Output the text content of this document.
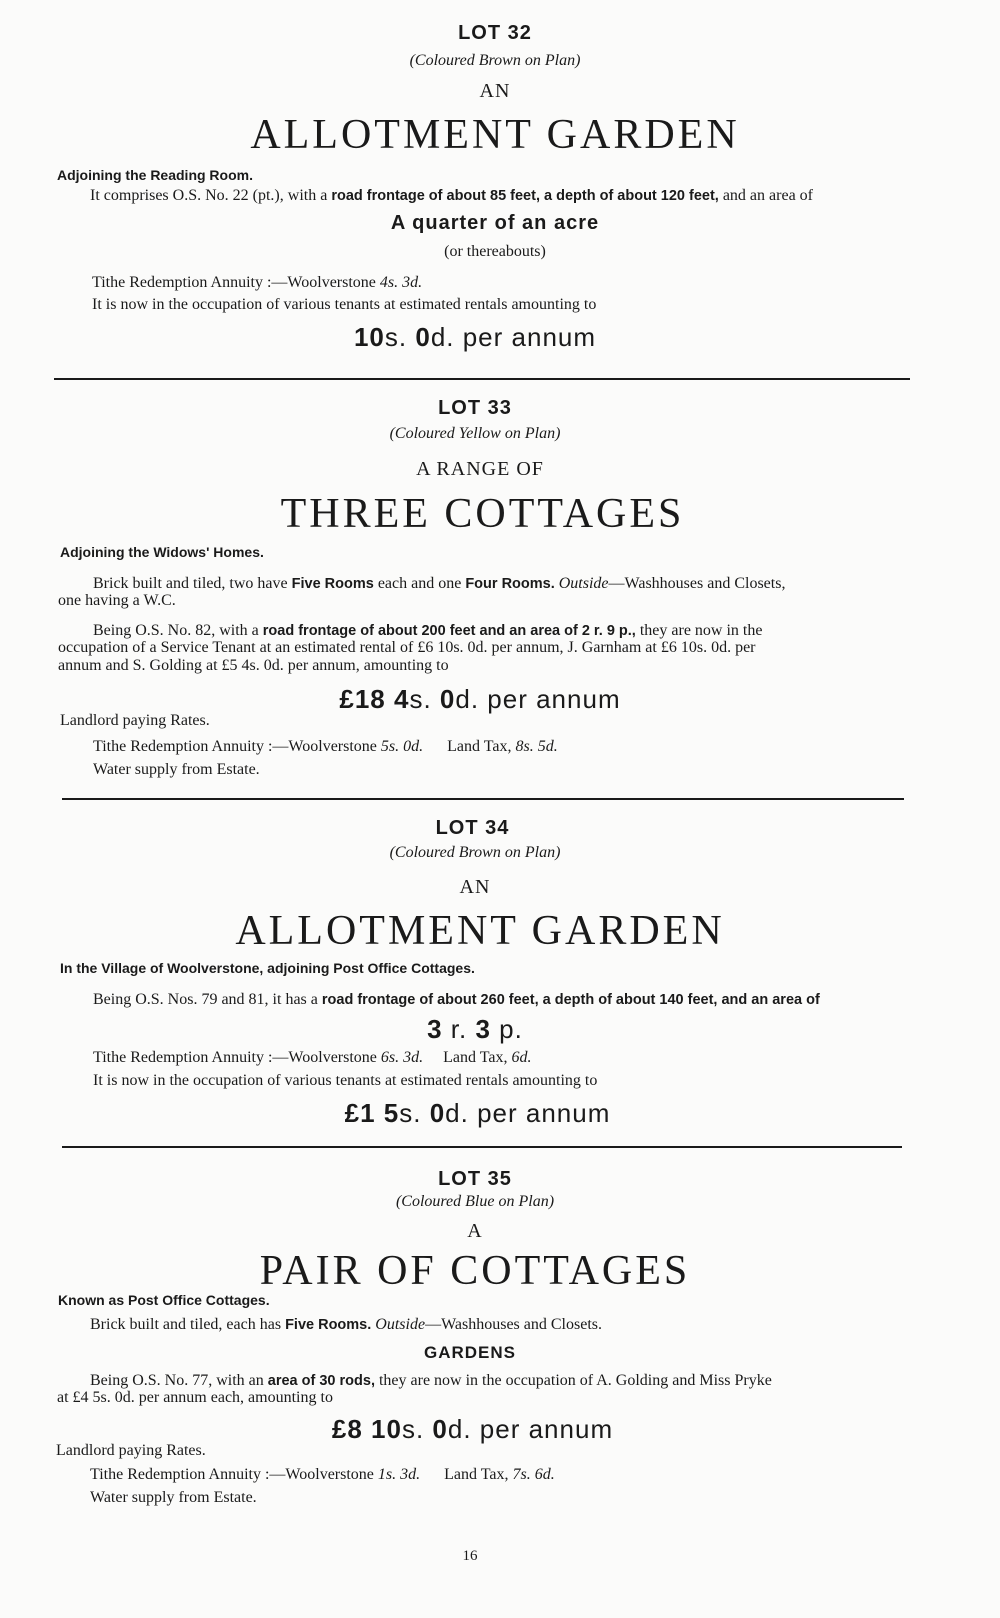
LOT 32
(Coloured Brown on Plan)
AN
ALLOTMENT GARDEN
Adjoining the Reading Room.
It comprises O.S. No. 22 (pt.), with a road frontage of about 85 feet, a depth of about 120 feet, and an area of
A quarter of an acre
(or thereabouts)
Tithe Redemption Annuity :—Woolverstone 4s. 3d.
It is now in the occupation of various tenants at estimated rentals amounting to
10s. 0d. per annum
LOT 33
(Coloured Yellow on Plan)
A RANGE OF
THREE COTTAGES
Adjoining the Widows' Homes.
Brick built and tiled, two have Five Rooms each and one Four Rooms. Outside—Washhouses and Closets,
one having a W.C.
Being O.S. No. 82, with a road frontage of about 200 feet and an area of 2 r. 9 p., they are now in the
occupation of a Service Tenant at an estimated rental of £6 10s. 0d. per annum, J. Garnham at £6 10s. 0d. per
annum and S. Golding at £5 4s. 0d. per annum, amounting to
£18 4s. 0d. per annum
Landlord paying Rates.
Tithe Redemption Annuity :—Woolverstone 5s. 0d. Land Tax, 8s. 5d.
Water supply from Estate.
LOT 34
(Coloured Brown on Plan)
AN
ALLOTMENT GARDEN
In the Village of Woolverstone, adjoining Post Office Cottages.
Being O.S. Nos. 79 and 81, it has a road frontage of about 260 feet, a depth of about 140 feet, and an area of
3 r. 3 p.
Tithe Redemption Annuity :—Woolverstone 6s. 3d. Land Tax, 6d.
It is now in the occupation of various tenants at estimated rentals amounting to
£1 5s. 0d. per annum
LOT 35
(Coloured Blue on Plan)
A
PAIR OF COTTAGES
Known as Post Office Cottages.
Brick built and tiled, each has Five Rooms. Outside—Washhouses and Closets.
GARDENS
Being O.S. No. 77, with an area of 30 rods, they are now in the occupation of A. Golding and Miss Pryke
at £4 5s. 0d. per annum each, amounting to
£8 10s. 0d. per annum
Landlord paying Rates.
Tithe Redemption Annuity :—Woolverstone 1s. 3d. Land Tax, 7s. 6d.
Water supply from Estate.
16
